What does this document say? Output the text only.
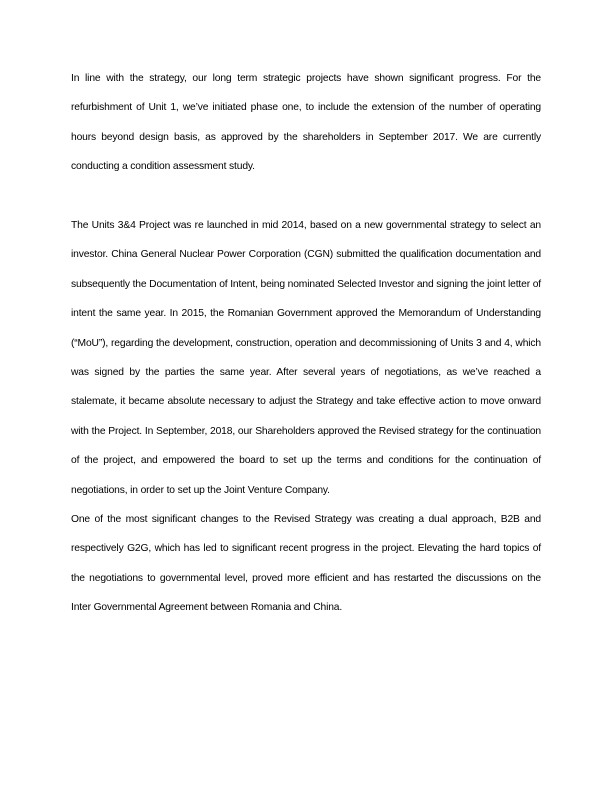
In line with the strategy, our long term strategic projects have shown significant progress. For the refurbishment of Unit 1, we’ve initiated phase one, to include the extension of the number of operating hours beyond design basis, as approved by the shareholders in September 2017. We are currently conducting a condition assessment study.

The Units 3&4 Project was re launched in mid 2014, based on a new governmental strategy to select an investor. China General Nuclear Power Corporation (CGN) submitted the qualification documentation and subsequently the Documentation of Intent, being nominated Selected Investor and signing the joint letter of intent the same year. In 2015, the Romanian Government approved the Memorandum of Understanding (“MoU”), regarding the development, construction, operation and decommissioning of Units 3 and 4, which was signed by the parties the same year. After several years of negotiations, as we’ve reached a stalemate, it became absolute necessary to adjust the Strategy and take effective action to move onward with the Project. In September, 2018, our Shareholders approved the Revised strategy for the continuation of the project, and empowered the board to set up the terms and conditions for the continuation of negotiations, in order to set up the Joint Venture Company.

One of the most significant changes to the Revised Strategy was creating a dual approach, B2B and respectively G2G, which has led to significant recent progress in the project. Elevating the hard topics of the negotiations to governmental level, proved more efficient and has restarted the discussions on the Inter Governmental Agreement between Romania and China.
